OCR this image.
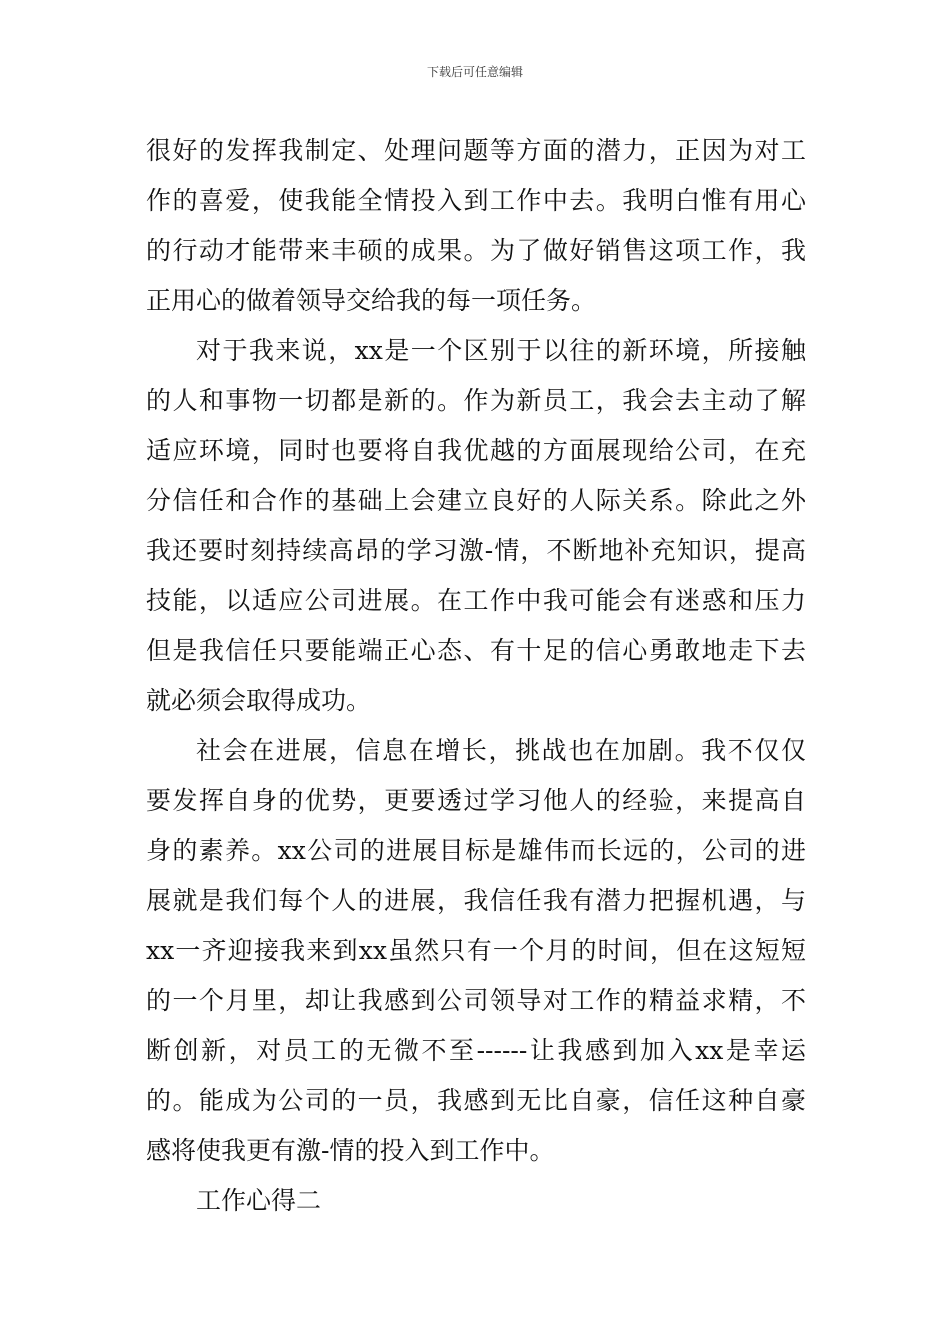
下载后可任意编辑
很好的发挥我制定、处理问题等方面的潜力，正因为对工
作的喜爱，使我能全情投入到工作中去。我明白惟有用心
的行动才能带来丰硕的成果。为了做好销售这项工作，我
正用心的做着领导交给我的每一项任务。
对于我来说，xx是一个区别于以往的新环境，所接触
的人和事物一切都是新的。作为新员工，我会去主动了解
适应环境，同时也要将自我优越的方面展现给公司，在充
分信任和合作的基础上会建立良好的人际关系。除此之外
我还要时刻持续高昂的学习激-情，不断地补充知识，提高
技能，以适应公司进展。在工作中我可能会有迷惑和压力
但是我信任只要能端正心态、有十足的信心勇敢地走下去
就必须会取得成功。
社会在进展，信息在增长，挑战也在加剧。我不仅仅
要发挥自身的优势，更要透过学习他人的经验，来提高自
身的素养。xx公司的进展目标是雄伟而长远的，公司的进
展就是我们每个人的进展，我信任我有潜力把握机遇，与
xx一齐迎接我来到xx虽然只有一个月的时间，但在这短短
的一个月里，却让我感到公司领导对工作的精益求精，不
断创新，对员工的无微不至------让我感到加入xx是幸运
的。能成为公司的一员，我感到无比自豪，信任这种自豪
感将使我更有激-情的投入到工作中。
工作心得二
